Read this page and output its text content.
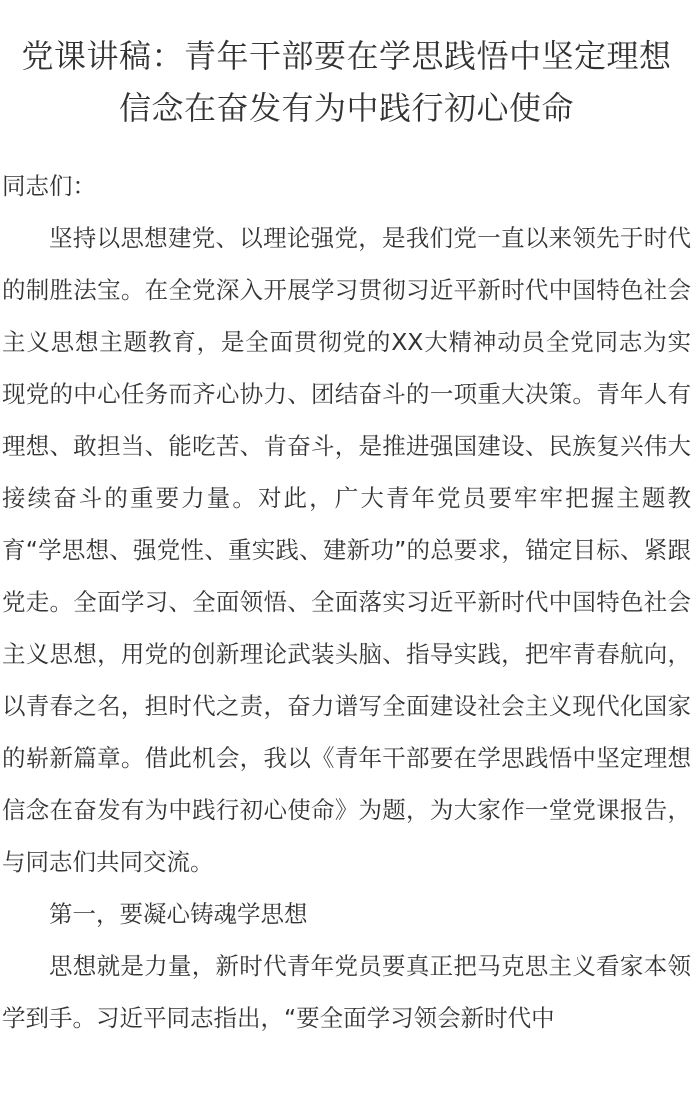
党课讲稿：青年干部要在学思践悟中坚定理想信念在奋发有为中践行初心使命

同志们：

坚持以思想建党、以理论强党，是我们党一直以来领先于时代的制胜法宝。在全党深入开展学习贯彻习近平新时代中国特色社会主义思想主题教育，是全面贯彻党的XX大精神动员全党同志为实现党的中心任务而齐心协力、团结奋斗的一项重大决策。青年人有理想、敢担当、能吃苦、肯奋斗，是推进强国建设、民族复兴伟大接续奋斗的重要力量。对此，广大青年党员要牢牢把握主题教育“学思想、强党性、重实践、建新功”的总要求，锚定目标、紧跟党走。全面学习、全面领悟、全面落实习近平新时代中国特色社会主义思想，用党的创新理论武装头脑、指导实践，把牢青春航向，以青春之名，担时代之责，奋力谱写全面建设社会主义现代化国家的崭新篇章。借此机会，我以《青年干部要在学思践悟中坚定理想信念在奋发有为中践行初心使命》为题，为大家作一堂党课报告，与同志们共同交流。

第一，要凝心铸魂学思想

思想就是力量，新时代青年党员要真正把马克思主义看家本领学到手。习近平同志指出，“要全面学习领会新时代中
